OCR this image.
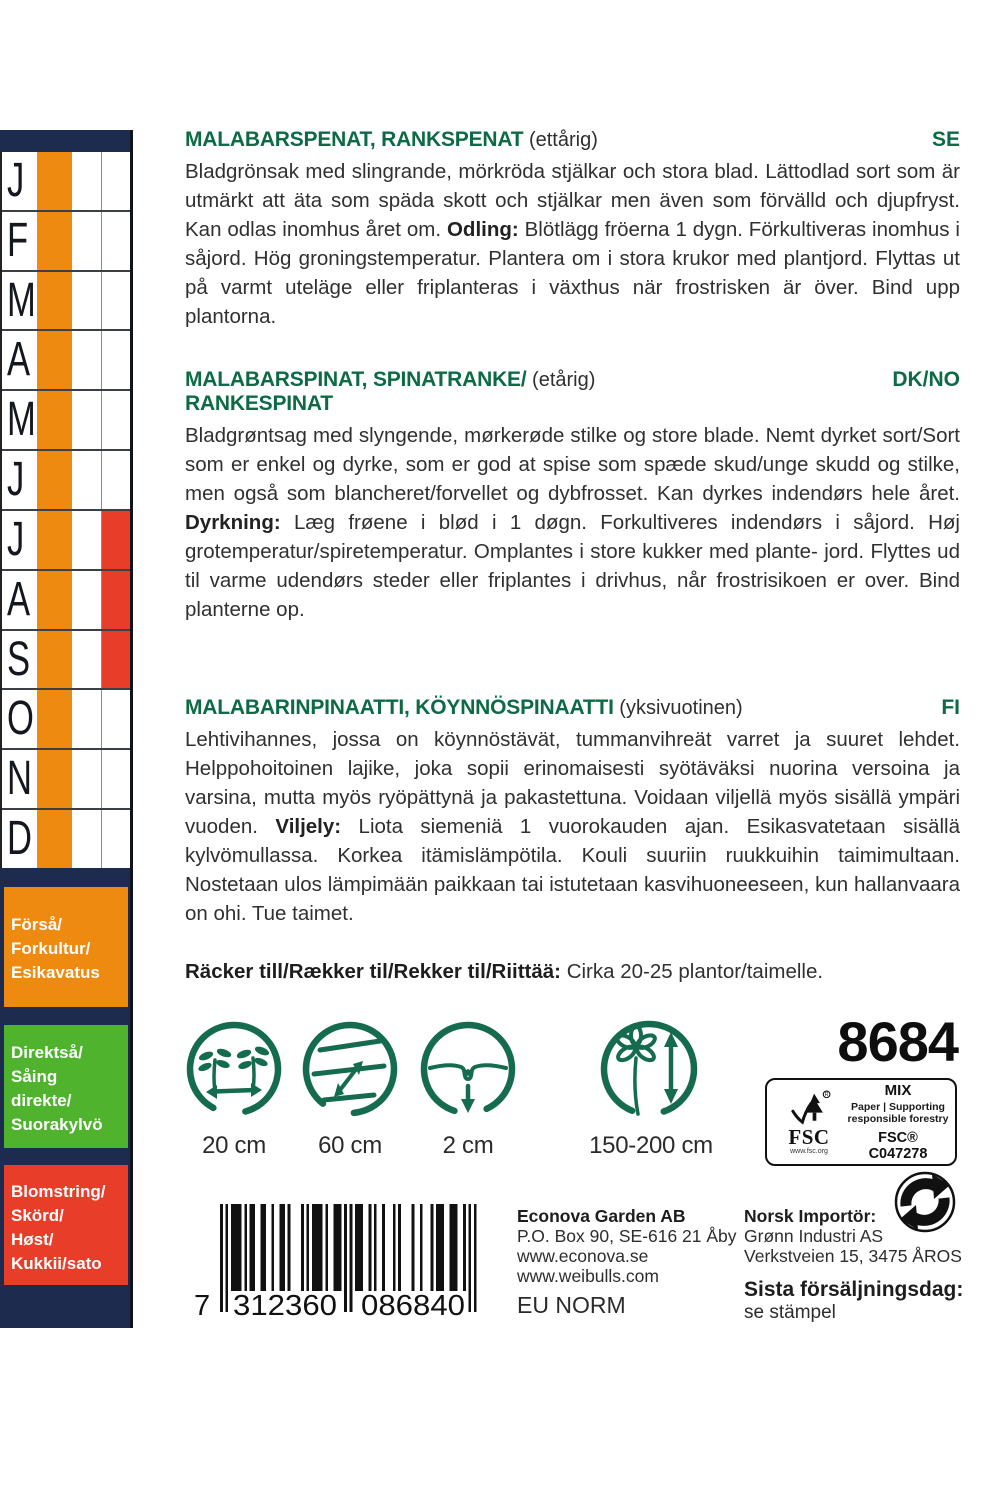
J
F
M
A
M
J
J
A
S
O
N
D
Förså/
Forkultur/
Esikavatus
Direktså/
Såing
direkte/
Suorakylvö
Blomstring/
Skörd/
Høst/
Kukkii/sato
MALABARSPENAT, RANKSPENAT (ettårig)	SE

Bladgrönsak med slingrande, mörkröda stjälkar och stora blad. Lättodlad sort som är utmärkt att äta som späda skott och stjälkar men även som förvälld och djupfryst. Kan odlas inomhus året om. Odling: Blötlägg fröerna 1 dygn. Förkultiveras inomhus i såjord. Hög groningstemperatur. Plantera om i stora krukor med plantjord. Flyttas ut på varmt uteläge eller friplanteras i växthus när frostrisken är över. Bind upp plantorna.

MALABARSPINAT, SPINATRANKE/ (etårig)	DK/NO
RANKESPINAT

Bladgrøntsag med slyngende, mørkerøde stilke og store blade. Nemt dyrket sort/Sort som er enkel og dyrke, som er god at spise som spæde skud/unge skudd og stilke, men også som blancheret/forvellet og dybfrosset. Kan dyrkes indendørs hele året. Dyrkning: Læg frøene i blød i 1 døgn. Forkultiveres indendørs i såjord. Høj grotemperatur/spiretemperatur. Omplantes i store kukker med plante- jord. Flyttes ud til varme udendørs steder eller friplantes i drivhus, når frostrisikoen er over. Bind planterne op.

MALABARINPINAATTI, KÖYNNÖSPINAATTI (yksivuotinen)	FI

Lehtivihannes, jossa on köynnöstävät, tummanvihreät varret ja suuret lehdet. Helppohoitoinen lajike, joka sopii erinomaisesti syötäväksi nuorina versoina ja varsina, mutta myös ryöpättynä ja pakastettuna. Voidaan viljellä myös sisällä ympäri vuoden. Viljely: Liota siemeniä 1 vuorokauden ajan. Esikasvatetaan sisällä kylvömullassa. Korkea itämislämpötila. Kouli suuriin ruukkuihin taimimultaan. Nostetaan ulos lämpimään paikkaan tai istutetaan kasvihuoneeseen, kun hallanvaara on ohi. Tue taimet.

Räcker till/Rækker til/Rekker til/Riittää: Cirka 20-25 plantor/taimelle.
20 cm	60 cm	2 cm	150-200 cm
8684
R
FSC
www.fsc.org
MIX
Paper | Supporting
responsible forestry
FSC® C047278
7 312360 086840
Econova Garden AB
P.O. Box 90, SE-616 21 Åby
www.econova.se
www.weibulls.com
EU NORM
Norsk Importör:
Grønn Industri AS
Verkstveien 15, 3475 ÅROS
Sista försäljningsdag:
se stämpel
